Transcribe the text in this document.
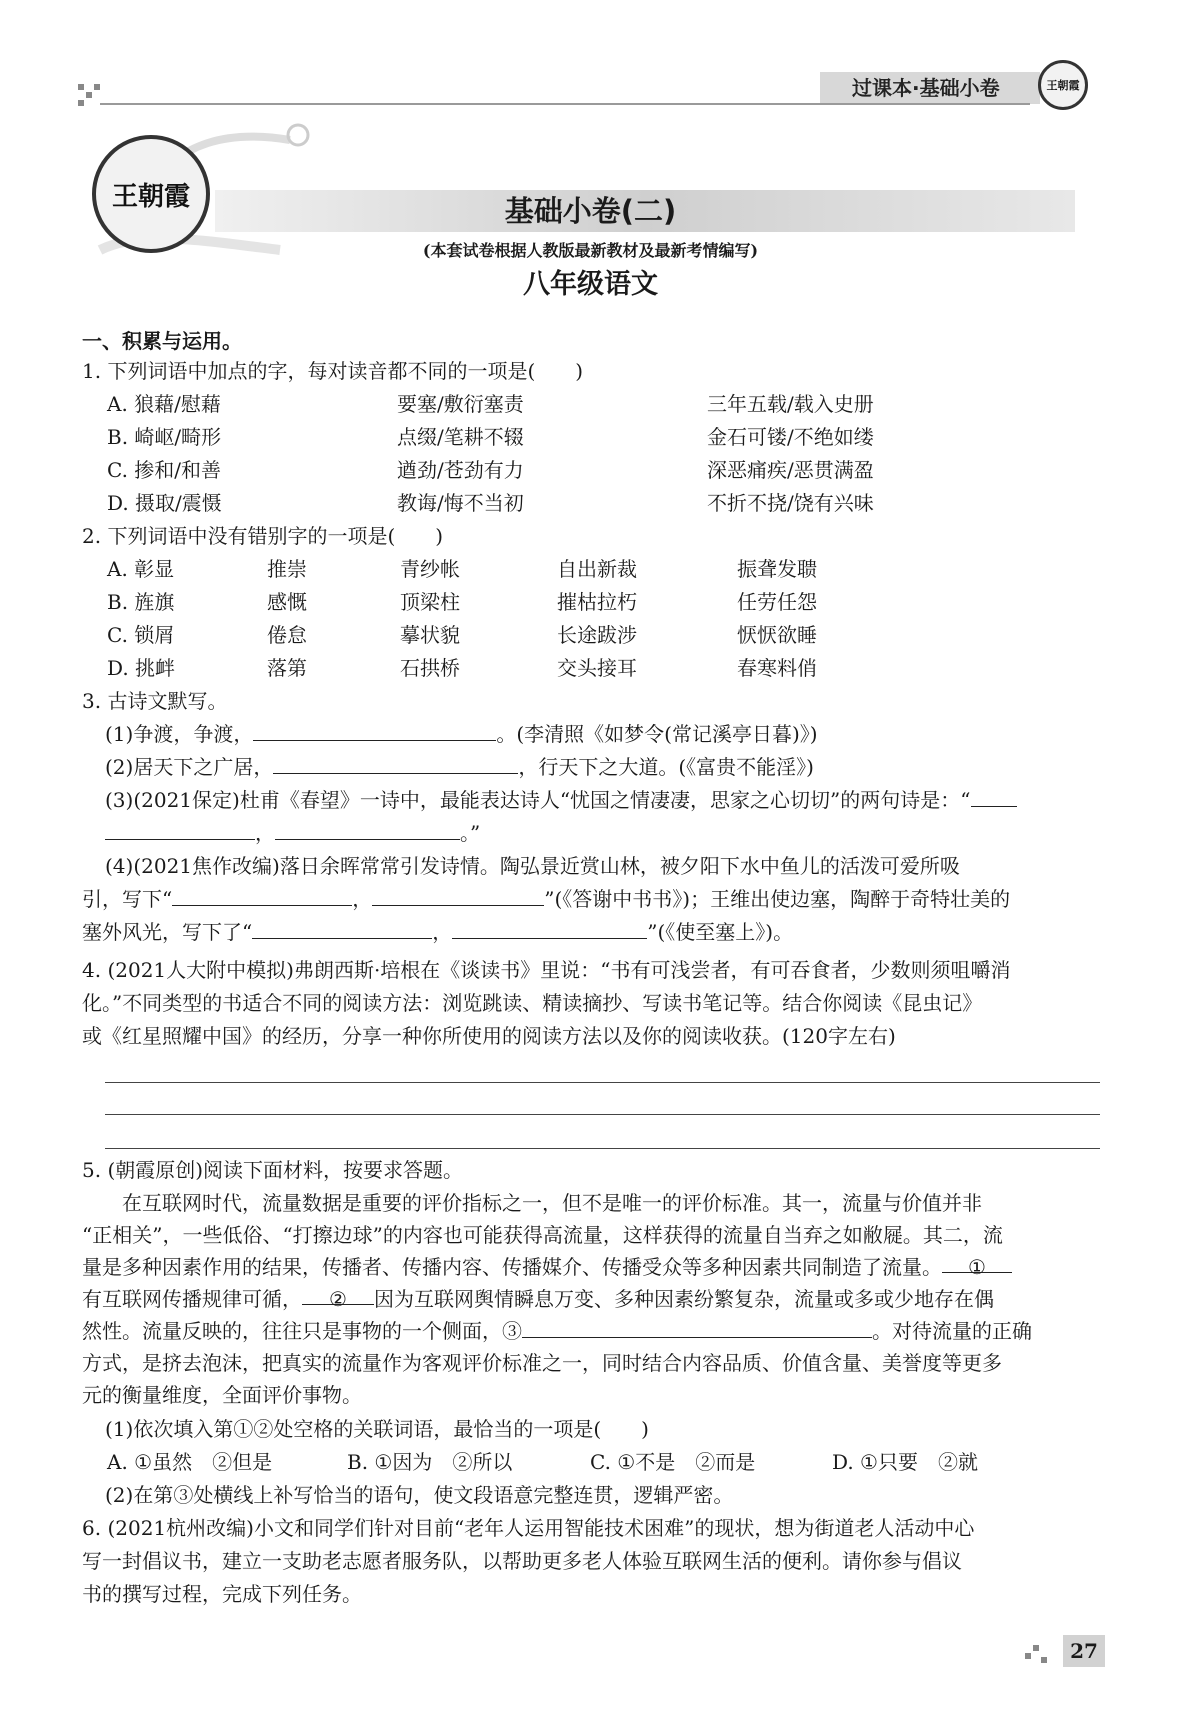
过课本·基础小卷	王朝霞
王朝霞	基础小卷(二)
(本套试卷根据人教版最新教材及最新考情编写)
八年级语文
一、积累与运用。
1. 下列词语中加点的字，每对读音都不同的一项是(　　)
A. 狼藉/慰藉	要塞/敷衍塞责	三年五载/载入史册
B. 崎岖/畸形	点缀/笔耕不辍	金石可镂/不绝如缕
C. 掺和/和善	遒劲/苍劲有力	深恶痛疾/恶贯满盈
D. 摄取/震慑	教诲/悔不当初	不折不挠/饶有兴味
2. 下列词语中没有错别字的一项是(　　)
A. 彰显	推崇	青纱帐	自出新裁	振聋发聩
B. 旌旗	感慨	顶梁柱	摧枯拉朽	任劳任怨
C. 锁屑	倦怠	摹状貌	长途跋涉	恹恹欲睡
D. 挑衅	落第	石拱桥	交头接耳	春寒料俏
3. 古诗文默写。
(1)争渡，争渡，	。(李清照《如梦令(常记溪亭日暮)》)
(2)居天下之广居，	，行天下之大道。(《富贵不能淫》)
(3)(2021保定)杜甫《春望》一诗中，最能表达诗人“忧国之情凄凄，思家之心切切”的两句诗是：“
，	。”
(4)(2021焦作改编)落日余晖常常引发诗情。陶弘景近赏山林，被夕阳下水中鱼儿的活泼可爱所吸
引，写下“	，	”(《答谢中书书》)；王维出使边塞，陶醉于奇特壮美的
塞外风光，写下了“	，	”(《使至塞上》)。
4. (2021人大附中模拟)弗朗西斯·培根在《谈读书》里说：“书有可浅尝者，有可吞食者，少数则须咀嚼消
化。”不同类型的书适合不同的阅读方法：浏览跳读、精读摘抄、写读书笔记等。结合你阅读《昆虫记》
或《红星照耀中国》的经历，分享一种你所使用的阅读方法以及你的阅读收获。(120字左右)
5. (朝霞原创)阅读下面材料，按要求答题。
　　在互联网时代，流量数据是重要的评价指标之一，但不是唯一的评价标准。其一，流量与价值并非
“正相关”，一些低俗、“打擦边球”的内容也可能获得高流量，这样获得的流量自当弃之如敝屣。其二，流
量是多种因素作用的结果，传播者、传播内容、传播媒介、传播受众等多种因素共同制造了流量。 ①
有互联网传播规律可循， ② 因为互联网舆情瞬息万变、多种因素纷繁复杂，流量或多或少地存在偶
然性。流量反映的，往往只是事物的一个侧面，③	。对待流量的正确
方式，是挤去泡沫，把真实的流量作为客观评价标准之一，同时结合内容品质、价值含量、美誉度等更多
元的衡量维度，全面评价事物。
(1)依次填入第①②处空格的关联词语，最恰当的一项是(　　)
A. ①虽然　②但是	B. ①因为　②所以	C. ①不是　②而是	D. ①只要　②就
(2)在第③处横线上补写恰当的语句，使文段语意完整连贯，逻辑严密。
6. (2021杭州改编)小文和同学们针对目前“老年人运用智能技术困难”的现状，想为街道老人活动中心
写一封倡议书，建立一支助老志愿者服务队，以帮助更多老人体验互联网生活的便利。请你参与倡议
书的撰写过程，完成下列任务。
27
